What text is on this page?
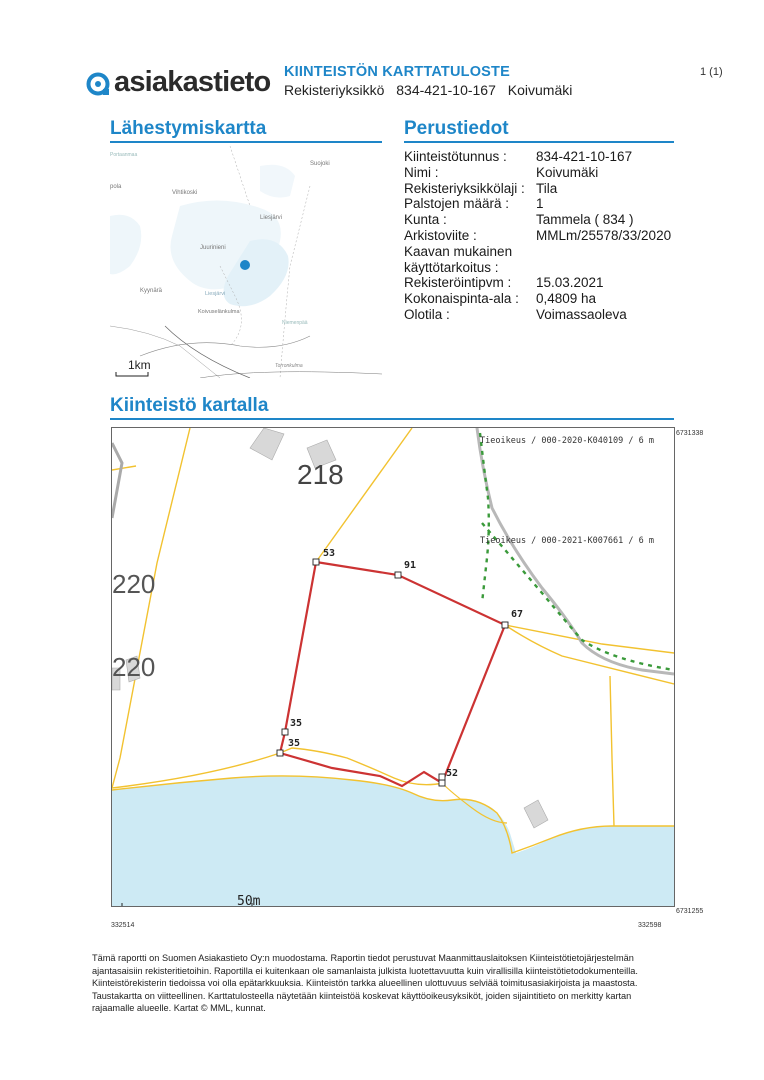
asiakastieto KIINTEISTÖN KARTTATULOSTE
Rekisteriyksikkö 834-421-10-167 Koivumäki
1 (1)
Lähestymiskartta	Perustiedot
Kiinteistötunnus :	834-421-10-167
Nimi :	Koivumäki
Rekisteriyksikkölaji : Tila
Palstojen määrä :	1
Kunta :	Tammela ( 834 )
Arkistoviite :	MMLm/25578/33/2020
Kaavan mukainen
käyttötarkoitus :
Rekisteröintipvm :	15.03.2021
Kokonaispinta-ala :	0,4809 ha
Olotila :	Voimassaoleva
Portaanmaa
Suojoki
pola
Vihtikoski
Liesjärvi
Juurinieni
Kyynärä	Liesjärvi
Koivuselänkulma
Niemenpää
Torronkulma
1km
Kiinteistö kartalla
218
220
220
Tieoikeus / 000-2020-K040109 / 6 m
Tieoikeus / 000-2021-K007661 / 6 m
53
91
67
35
35
52
50m
6731338
6731255
332514	332598
Tämä raportti on Suomen Asiakastieto Oy:n muodostama. Raportin tiedot perustuvat Maanmittauslaitoksen Kiinteistötietojärjestelmän ajantasaisiin rekisteritietoihin. Raportilla ei kuitenkaan ole samanlaista julkista luotettavuutta kuin virallisilla kiinteistötietodokumenteilla. Kiinteistörekisterin tiedoissa voi olla epätarkkuuksia. Kiinteistön tarkka alueellinen ulottuvuus selviää toimitusasiakirjoista ja maastosta. Taustakartta on viitteellinen. Karttatulosteella näytetään kiinteistöä koskevat käyttöoikeusyksiköt, joiden sijaintitieto on merkitty kartan rajaamalle alueelle. Kartat © MML, kunnat.
